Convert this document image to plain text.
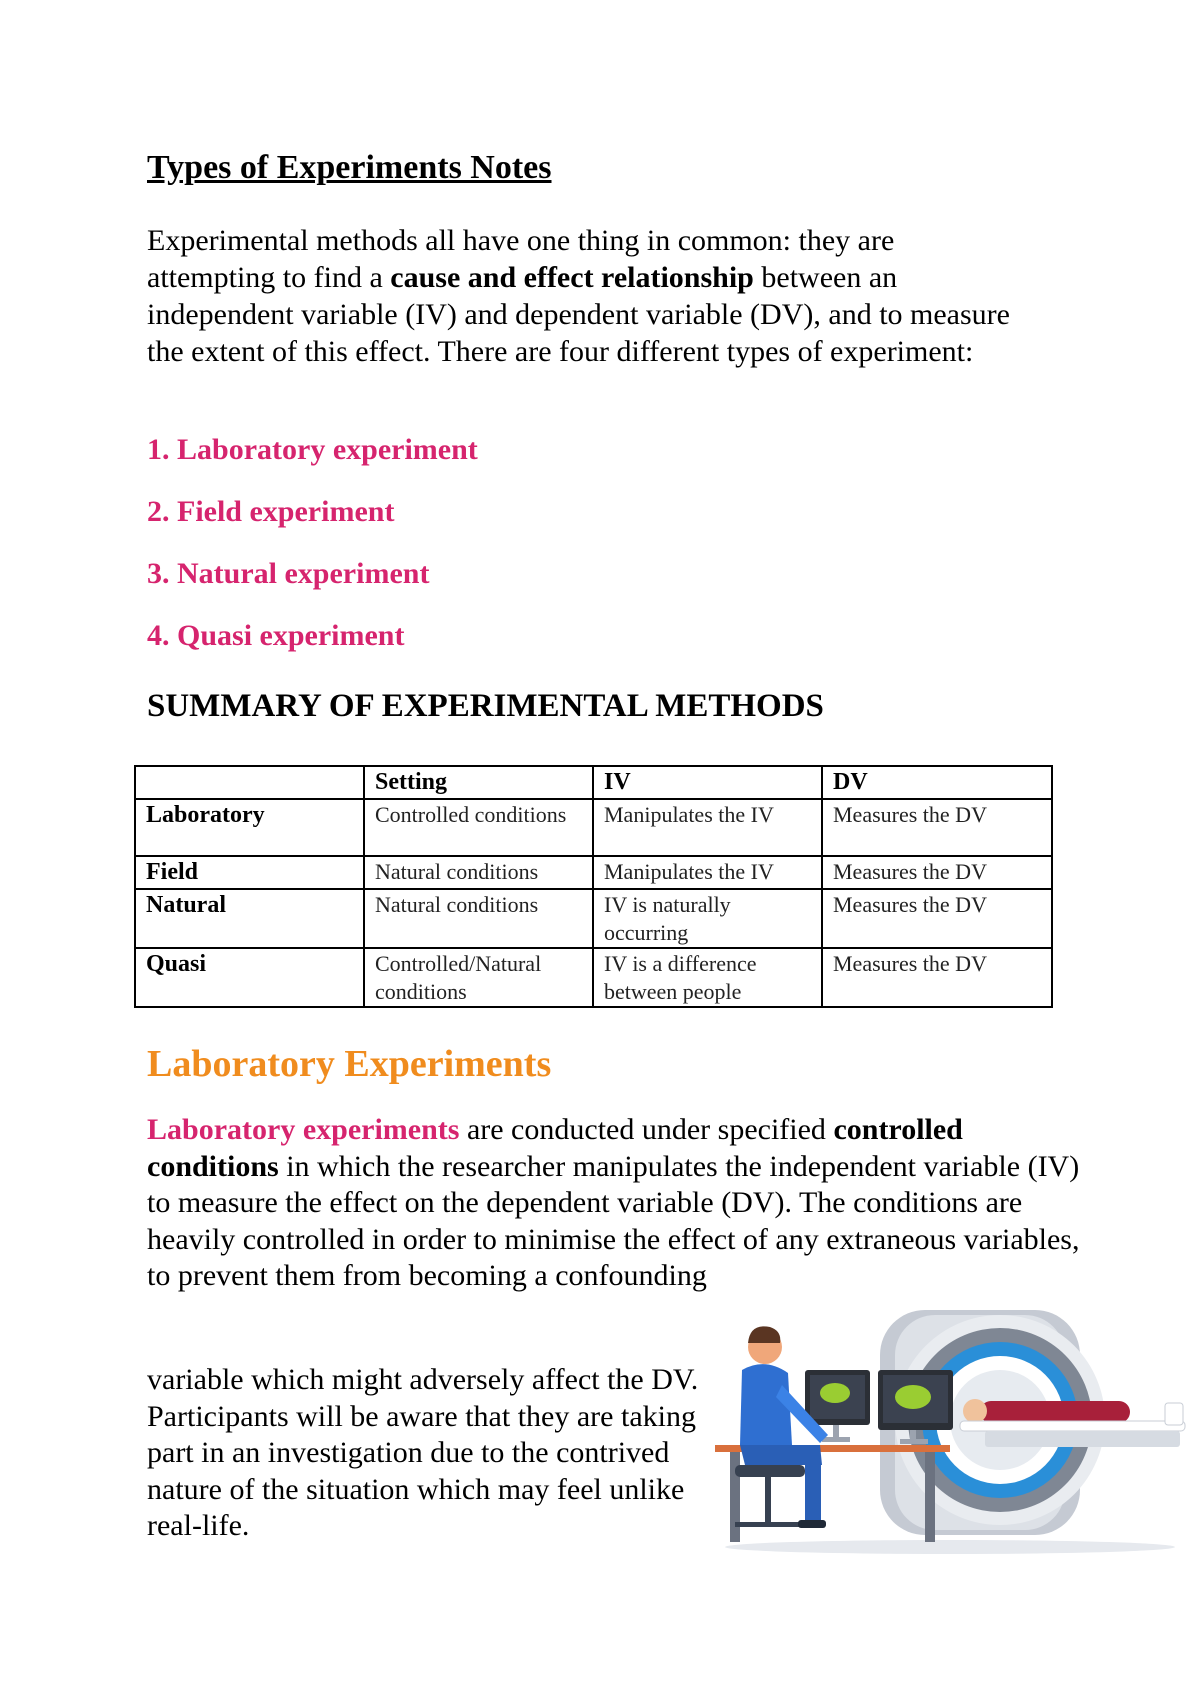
Types of Experiments Notes

Experimental methods all have one thing in common: they are attempting to find a cause and effect relationship between an independent variable (IV) and dependent variable (DV), and to measure the extent of this effect. There are four different types of experiment:

1. Laboratory experiment
2. Field experiment
3. Natural experiment
4. Quasi experiment
SUMMARY OF EXPERIMENTAL METHODS
	Setting	IV	DV
Laboratory	Controlled conditions	Manipulates the IV	Measures the DV
Field	Natural conditions	Manipulates the IV	Measures the DV
Natural	Natural conditions	IV is naturally occurring	Measures the DV
Quasi	Controlled/Natural conditions	IV is a difference between people	Measures the DV
Laboratory Experiments

Laboratory experiments are conducted under specified controlled conditions in which the researcher manipulates the independent variable (IV) to measure the effect on the dependent variable (DV). The conditions are heavily controlled in order to minimise the effect of any extraneous variables, to prevent them from becoming a confounding

variable which might adversely affect the DV. Participants will be aware that they are taking part in an investigation due to the contrived nature of the situation which may feel unlike real-life.
